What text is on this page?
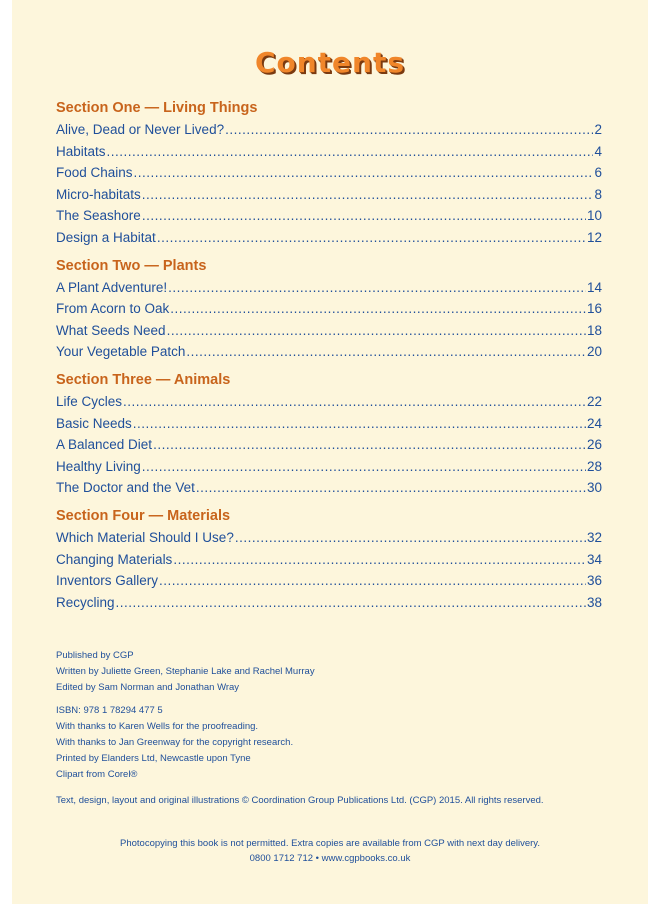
Contents
Section One — Living Things
Alive, Dead or Never Lived? .....	2
Habitats .....	4
Food Chains .....	6
Micro-habitats .....	8
The Seashore .....	10
Design a Habitat .....	12
Section Two — Plants
A Plant Adventure! .....	14
From Acorn to Oak .....	16
What Seeds Need .....	18
Your Vegetable Patch .....	20
Section Three — Animals
Life Cycles .....	22
Basic Needs .....	24
A Balanced Diet .....	26
Healthy Living .....	28
The Doctor and the Vet .....	30
Section Four — Materials
Which Material Should I Use? .....	32
Changing Materials .....	34
Inventors Gallery .....	36
Recycling .....	38
Published by CGP
Written by Juliette Green, Stephanie Lake and Rachel Murray
Edited by Sam Norman and Jonathan Wray
ISBN: 978 1 78294 477 5
With thanks to Karen Wells for the proofreading.
With thanks to Jan Greenway for the copyright research.
Printed by Elanders Ltd, Newcastle upon Tyne
Clipart from Corel®
Text, design, layout and original illustrations © Coordination Group Publications Ltd. (CGP) 2015. All rights reserved.
Photocopying this book is not permitted. Extra copies are available from CGP with next day delivery.
0800 1712 712 • www.cgpbooks.co.uk
